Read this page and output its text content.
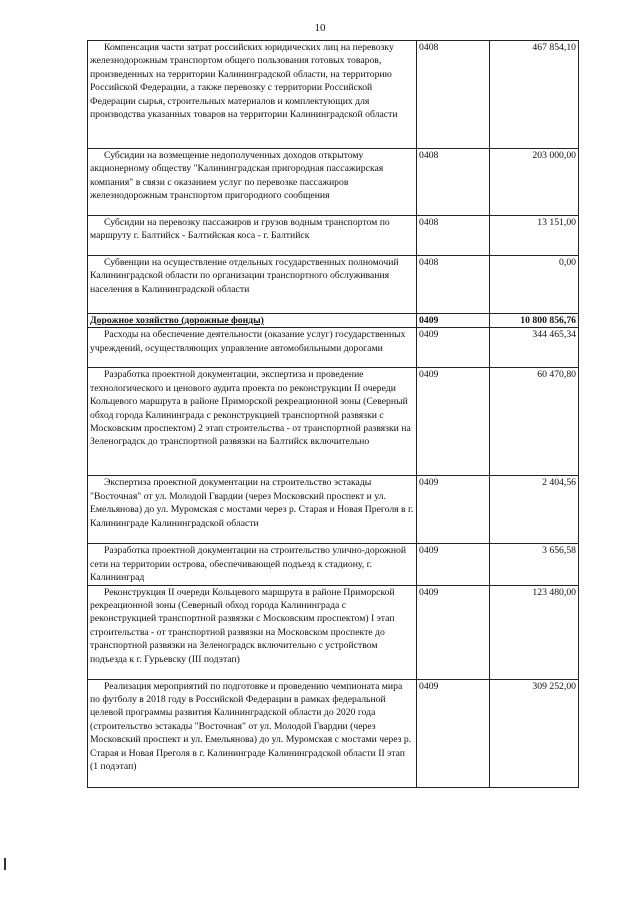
10
Компенсация части затрат российских юридических лиц на перевозку железнодорожным транспортом общего пользования готовых товаров, произведенных на территории Калининградской области, на территорию Российской Федерации, а также перевозку с территории Российской Федерации сырья, строительных материалов и комплектующих для производства указанных товаров на территории Калининградской области	0408	467 854,10

Субсидии на возмещение недополученных доходов открытому акционерному обществу "Калининградская пригородная пассажирская компания" в связи с оказанием услуг по перевозке пассажиров железнодорожным транспортом пригородного сообщения	0408	203 000,00

Субсидии на перевозку пассажиров и грузов водным транспортом по маршруту г. Балтийск - Балтийская коса - г. Балтийск	0408	13 151,00

Субвенции на осуществление отдельных государственных полномочий Калининградской области по организации транспортного обслуживания населения в Калининградской области	0408	0,00

Дорожное хозяйство (дорожные фонды)	0409	10 800 856,76

Расходы на обеспечение деятельности (оказание услуг) государственных учреждений, осуществляющих управление автомобильными дорогами	0409	344 465,34

Разработка проектной документации, экспертиза и проведение технологического и ценового аудита проекта по реконструкции II очереди Кольцевого маршрута в районе Приморской рекреационной зоны (Северный обход города Калининграда с реконструкцией транспортной развязки с Московским проспектом) 2 этап строительства - от транспортной развязки на Зеленоградск до транспортной развязки на Балтийск включительно	0409	60 470,80

Экспертиза проектной документации на строительство эстакады "Восточная" от ул. Молодой Гвардии (через Московский проспект и ул. Емельянова) до ул. Муромская с мостами через р. Старая и Новая Преголя в г. Калининграде Калининградской области	0409	2 404,56

Разработка проектной документации на строительство улично-дорожной сети на территории острова, обеспечивающей подъезд к стадиону, г. Калининград	0409	3 656,58

Реконструкция II очереди Кольцевого маршрута в районе Приморской рекреационной зоны (Северный обход города Калининграда с реконструкцией транспортной развязки с Московским проспектом) I этап строительства - от транспортной развязки на Московском проспекте до транспортной развязки на Зеленоградск включительно с устройством подъезда к г. Гурьевску (III подэтап)	0409	123 480,00

Реализация мероприятий по подготовке и проведению чемпионата мира по футболу в 2018 году в Российской Федерации в рамках федеральной целевой программы развития Калининградской области до 2020 года (строительство эстакады "Восточная" от ул. Молодой Гвардии (через Московский проспект и ул. Емельянова) до ул. Муромская с мостами через р. Старая и Новая Преголя в г. Калининграде Калининградской области II этап (1 подэтап)	0409	309 252,00
